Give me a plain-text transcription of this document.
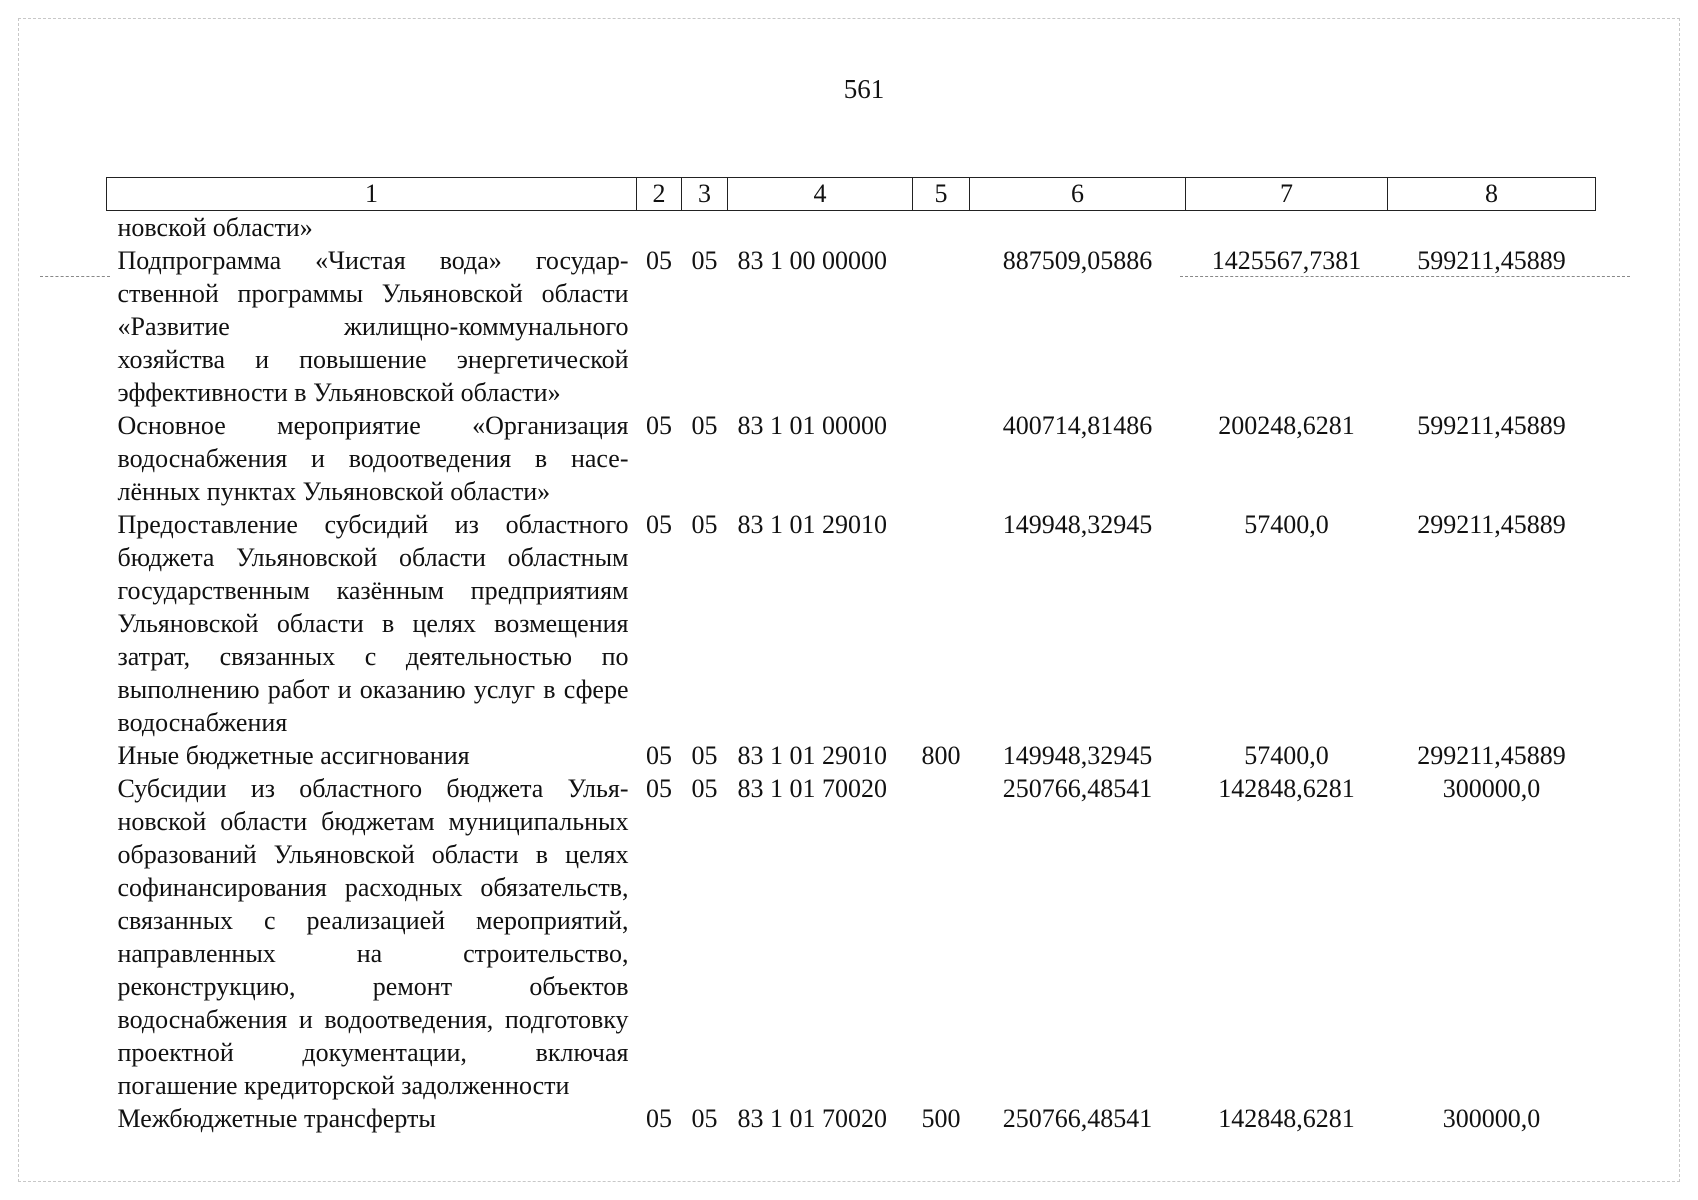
561
1	2	3	4	5	6	7	8
новской области»							
Подпрограмма «Чистая вода» государственной программы Ульяновской области «Развитие жилищно-коммунального хозяйства и повышение энергетической эффективности в Ульяновской области»	05	05	83 1 00 00000		887509,05886	1425567,7381	599211,45889
Основное мероприятие «Организация водоснабжения и водоотведения в населённых пунктах Ульяновской области»	05	05	83 1 01 00000		400714,81486	200248,6281	599211,45889
Предоставление субсидий из областного бюджета Ульяновской области областным государственным казённым предприятиям Ульяновской области в целях возмещения затрат, связанных с деятельностью по выполнению работ и оказанию услуг в сфере водоснабжения	05	05	83 1 01 29010		149948,32945	57400,0	299211,45889
Иные бюджетные ассигнования	05	05	83 1 01 29010	800	149948,32945	57400,0	299211,45889
Субсидии из областного бюджета Ульяновской области бюджетам муниципальных образований Ульяновской области в целях софинансирования расходных обязательств, связанных с реализацией мероприятий, направленных на строительство, реконструкцию, ремонт объектов водоснабжения и водоотведения, подготовку проектной документации, включая погашение кредиторской задолженности	05	05	83 1 01 70020		250766,48541	142848,6281	300000,0
Межбюджетные трансферты	05	05	83 1 01 70020	500	250766,48541	142848,6281	300000,0
